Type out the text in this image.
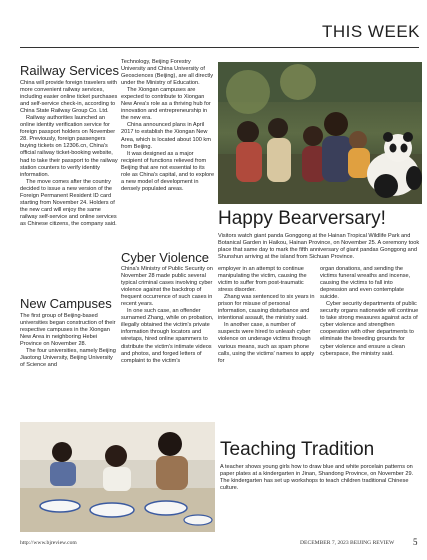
THIS WEEK
Railway Services

China will provide foreign travelers with more convenient railway services, including easier online ticket purchases and self-service check-in, according to China State Railway Group Co. Ltd.

Railway authorities launched an online identity verification service for foreign passport holders on November 28. Previously, foreign passengers buying tickets on 12306.cn, China's official railway ticket-booking website, had to take their passport to the railway station counters to verify identity information.

The move comes after the country decided to issue a new version of the Foreign Permanent Resident ID card starting from November 24. Holders of the new card will enjoy the same railway self-service and online services as Chinese citizens, the company said.

New Campuses

The first group of Beijing-based universities began construction of their respective campuses in the Xiongan New Area in neighboring Hebei Province on November 28.

The four universities, namely Beijing Jiaotong University, Beijing University of Science and

Technology, Beijing Forestry University and China University of Geosciences (Beijing), are all directly under the Ministry of Education.

The Xiongan campuses are expected to contribute to Xiongan New Area's role as a thriving hub for innovation and entrepreneurship in the new era.

China announced plans in April 2017 to establish the Xiongan New Area, which is located about 100 km from Beijing.

It was designed as a major recipient of functions relieved from Beijing that are not essential to its role as China's capital, and to explore a new model of development in densely populated areas.

Cyber Violence

China's Ministry of Public Security on November 28 made public several typical criminal cases involving cyber violence against the backdrop of frequent occurrence of such cases in recent years.

In one such case, an offender surnamed Zhang, while on probation, illegally obtained the victim's private information through locators and wiretaps, hired online spammers to distribute the victim's intimate videos and photos, and forged letters of complaint to the victim's

Happy Bearversary!
Visitors watch giant panda Gonggong at the Hainan Tropical Wildlife Park and Botanical Garden in Haikou, Hainan Province, on November 25. A ceremony took place that same day to mark the fifth anniversary of giant pandas Gonggong and Shunshun arriving at the island from Sichuan Province.

employer in an attempt to continue manipulating the victim, causing the victim to suffer from post-traumatic stress disorder.

Zhang was sentenced to six years in prison for misuse of personal information, causing disturbance and intentional assault, the ministry said.

In another case, a number of suspects were hired to unleash cyber violence on underage victims through various means, such as spam phone calls, using the victims' names to apply for

organ donations, and sending the victims funeral wreaths and incense, causing the victims to fall into depression and even contemplate suicide.

Cyber security departments of public security organs nationwide will continue to take strong measures against acts of cyber violence and strengthen cooperation with other departments to eliminate the breeding grounds for cyber violence and ensure a clean cyberspace, the ministry said.

Teaching Tradition
A teacher shows young girls how to draw blue and white porcelain patterns on paper plates at a kindergarten in Jinan, Shandong Province, on November 29. The kindergarten has set up workshops to teach children traditional Chinese culture.
http://www.bjreview.com	DECEMBER 7, 2023 BEIJING REVIEW 5
